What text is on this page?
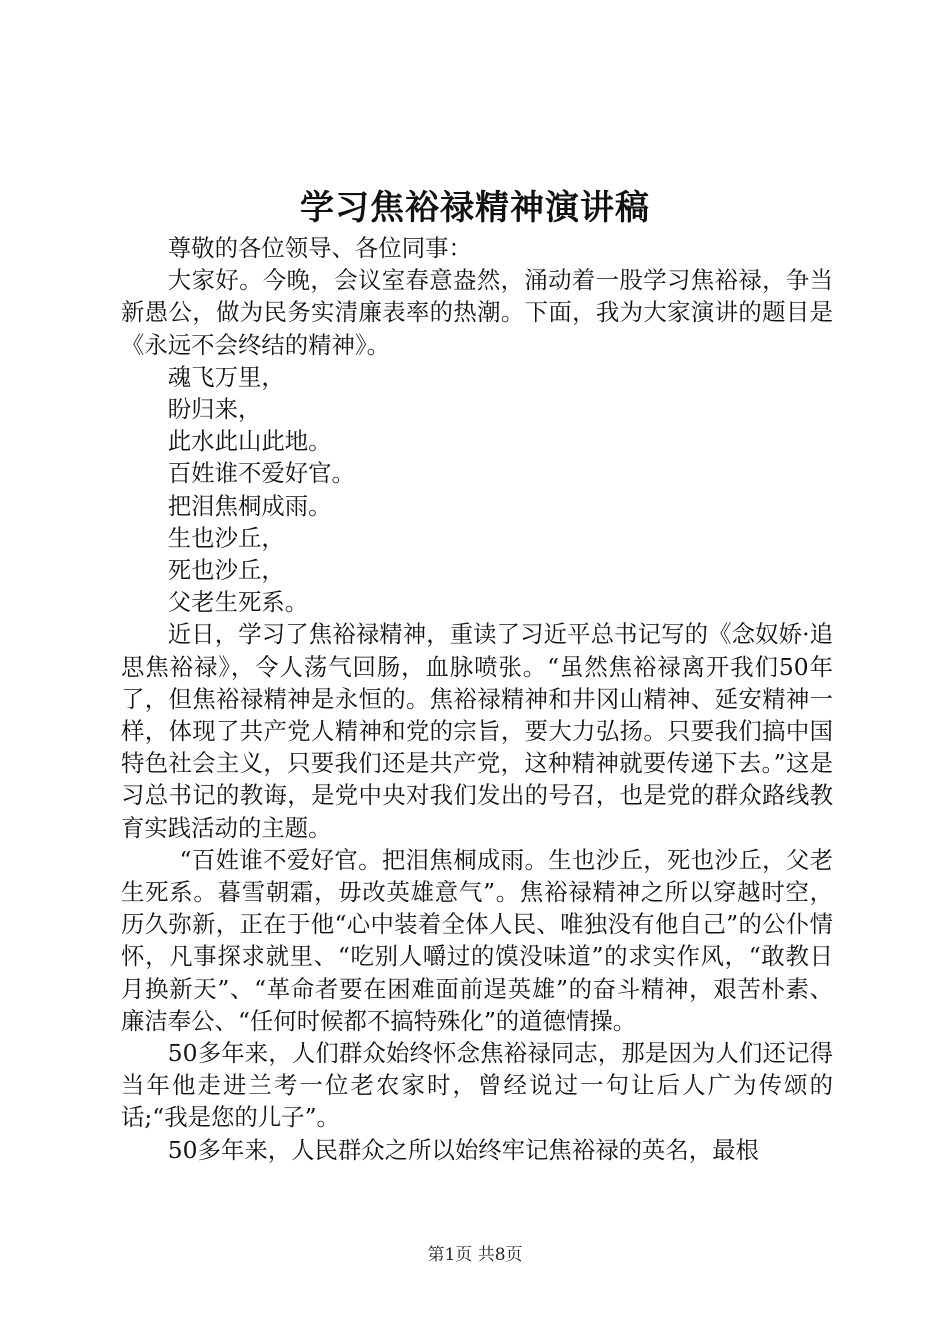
学习焦裕禄精神演讲稿

尊敬的各位领导、各位同事：

大家好。今晚，会议室春意盎然，涌动着一股学习焦裕禄，争当新愚公，做为民务实清廉表率的热潮。下面，我为大家演讲的题目是《永远不会终结的精神》。

魂飞万里，

盼归来，

此水此山此地。

百姓谁不爱好官。

把泪焦桐成雨。

生也沙丘，

死也沙丘，

父老生死系。

近日，学习了焦裕禄精神，重读了习近平总书记写的《念奴娇·追思焦裕禄》，令人荡气回肠，血脉喷张。“虽然焦裕禄离开我们50年了，但焦裕禄精神是永恒的。焦裕禄精神和井冈山精神、延安精神一样，体现了共产党人精神和党的宗旨，要大力弘扬。只要我们搞中国特色社会主义，只要我们还是共产党，这种精神就要传递下去。”这是习总书记的教诲，是党中央对我们发出的号召，也是党的群众路线教育实践活动的主题。

“百姓谁不爱好官。把泪焦桐成雨。生也沙丘，死也沙丘，父老生死系。暮雪朝霜，毋改英雄意气”。焦裕禄精神之所以穿越时空，历久弥新，正在于他“心中装着全体人民、唯独没有他自己”的公仆情怀，凡事探求就里、“吃别人嚼过的馍没味道”的求实作风，“敢教日月换新天”、“革命者要在困难面前逞英雄”的奋斗精神，艰苦朴素、廉洁奉公、“任何时候都不搞特殊化”的道德情操。

50多年来，人们群众始终怀念焦裕禄同志，那是因为人们还记得当年他走进兰考一位老农家时，曾经说过一句让后人广为传颂的话;“我是您的儿子”。

50多年来，人民群众之所以始终牢记焦裕禄的英名，最根

第1页 共8页
